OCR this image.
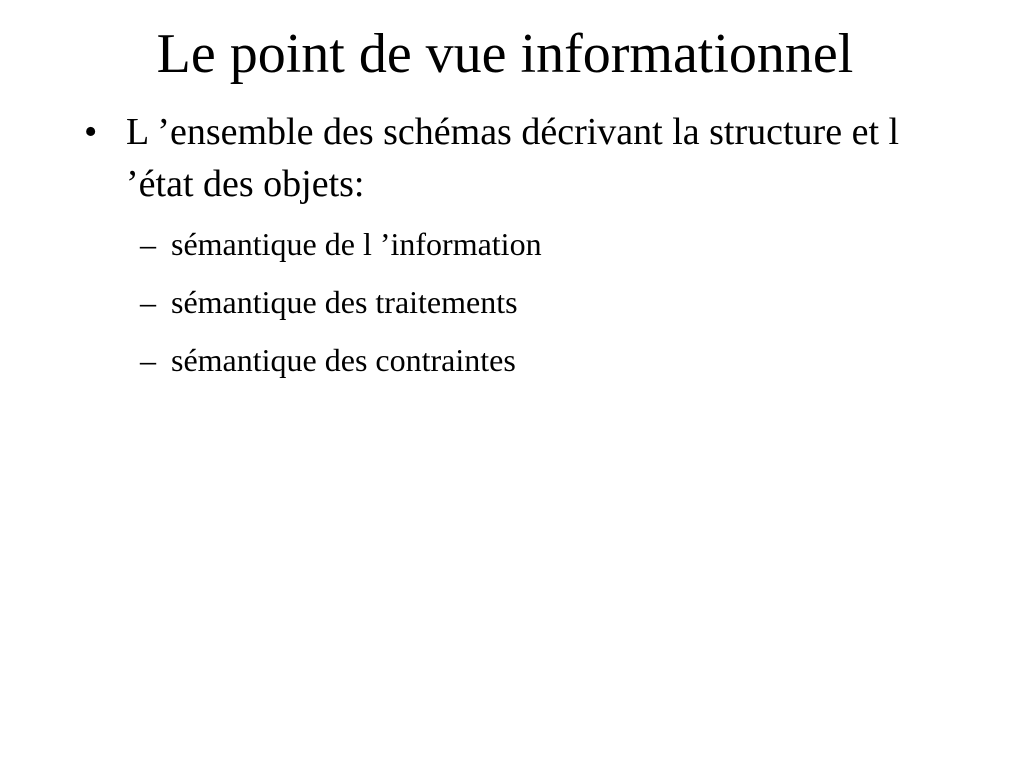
Le point de vue informationnel
• L ’ensemble des schémas décrivant la structure et l ’état des objets:
– sémantique de l ’information
– sémantique des traitements
– sémantique des contraintes
